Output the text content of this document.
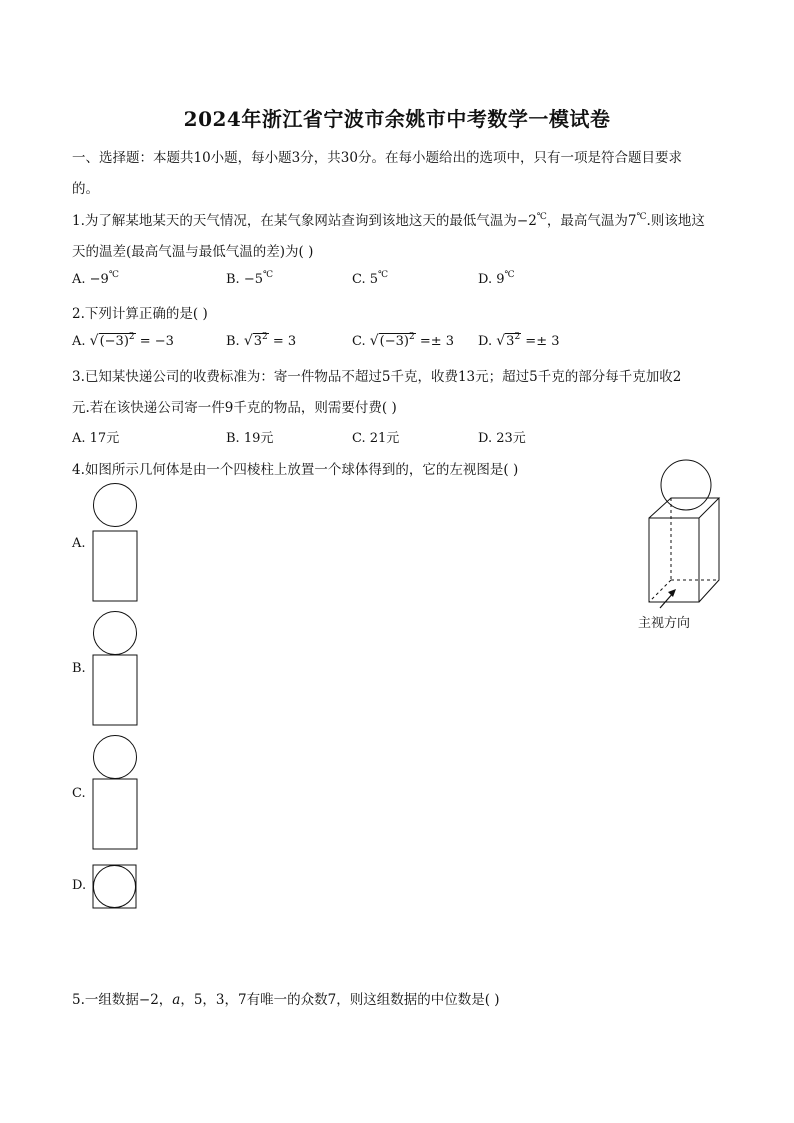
2024年浙江省宁波市余姚市中考数学一模试卷
一、选择题：本题共10小题，每小题3分，共30分。在每小题给出的选项中，只有一项是符合题目要求
的。
1.为了解某地某天的天气情况，在某气象网站查询到该地这天的最低气温为−2℃，最高气温为7℃.则该地这
天的温差(最高气温与最低气温的差)为( )
A. −9℃	B. −5℃	C. 5℃	D. 9℃
2.下列计算正确的是( )
A. $√(-3)^2 = -3$	B. $√3^2 = 3$	C. $√(-3)^2 =\pm 3$ D. $√3^2 =\pm 3$
3.已知某快递公司的收费标准为：寄一件物品不超过5千克，收费13元；超过5千克的部分每千克加收2
元.若在该快递公司寄一件9千克的物品，则需要付费( )
A. 17元	B. 19元	C. 21元	D. 23元
4.如图所示几何体是由一个四棱柱上放置一个球体得到的，它的左视图是( )
A.
B.
C.
D.
主视方向
5.一组数据−2，a，5，3，7有唯一的众数7，则这组数据的中位数是( )
